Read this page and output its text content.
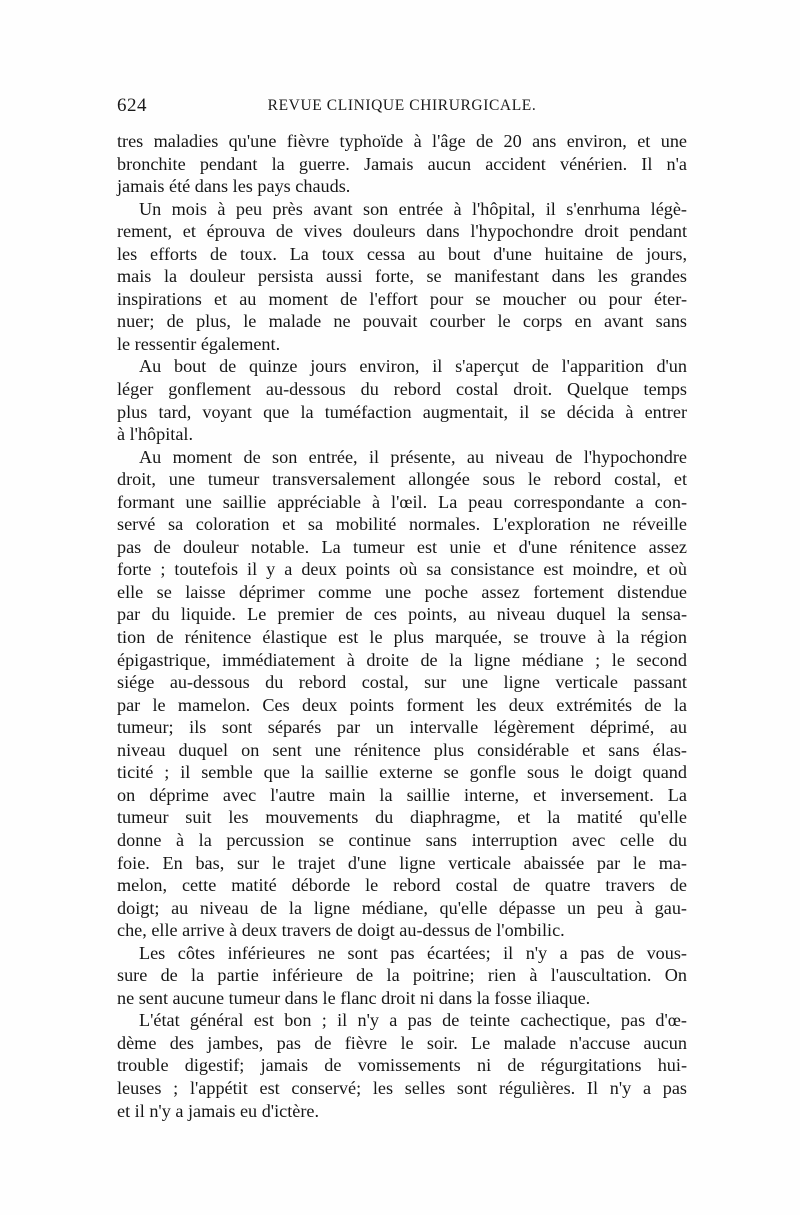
624	REVUE CLINIQUE CHIRURGICALE.

tres maladies qu'une fièvre typhoïde à l'âge de 20 ans environ, et une
bronchite pendant la guerre. Jamais aucun accident vénérien. Il n'a
jamais été dans les pays chauds.

Un mois à peu près avant son entrée à l'hôpital, il s'enrhuma légè-
rement, et éprouva de vives douleurs dans l'hypochondre droit pendant
les efforts de toux. La toux cessa au bout d'une huitaine de jours,
mais la douleur persista aussi forte, se manifestant dans les grandes
inspirations et au moment de l'effort pour se moucher ou pour éter-
nuer; de plus, le malade ne pouvait courber le corps en avant sans
le ressentir également.

Au bout de quinze jours environ, il s'aperçut de l'apparition d'un
léger gonflement au-dessous du rebord costal droit. Quelque temps
plus tard, voyant que la tuméfaction augmentait, il se décida à entrer
à l'hôpital.

Au moment de son entrée, il présente, au niveau de l'hypochondre
droit, une tumeur transversalement allongée sous le rebord costal, et
formant une saillie appréciable à l'œil. La peau correspondante a con-
servé sa coloration et sa mobilité normales. L'exploration ne réveille
pas de douleur notable. La tumeur est unie et d'une rénitence assez
forte ; toutefois il y a deux points où sa consistance est moindre, et où
elle se laisse déprimer comme une poche assez fortement distendue
par du liquide. Le premier de ces points, au niveau duquel la sensa-
tion de rénitence élastique est le plus marquée, se trouve à la région
épigastrique, immédiatement à droite de la ligne médiane ; le second
siége au-dessous du rebord costal, sur une ligne verticale passant
par le mamelon. Ces deux points forment les deux extrémités de la
tumeur; ils sont séparés par un intervalle légèrement déprimé, au
niveau duquel on sent une rénitence plus considérable et sans élas-
ticité ; il semble que la saillie externe se gonfle sous le doigt quand
on déprime avec l'autre main la saillie interne, et inversement. La
tumeur suit les mouvements du diaphragme, et la matité qu'elle
donne à la percussion se continue sans interruption avec celle du
foie. En bas, sur le trajet d'une ligne verticale abaissée par le ma-
melon, cette matité déborde le rebord costal de quatre travers de
doigt; au niveau de la ligne médiane, qu'elle dépasse un peu à gau-
che, elle arrive à deux travers de doigt au-dessus de l'ombilic.

Les côtes inférieures ne sont pas écartées; il n'y a pas de vous-
sure de la partie inférieure de la poitrine; rien à l'auscultation. On
ne sent aucune tumeur dans le flanc droit ni dans la fosse iliaque.

L'état général est bon ; il n'y a pas de teinte cachectique, pas d'œ-
dème des jambes, pas de fièvre le soir. Le malade n'accuse aucun
trouble digestif; jamais de vomissements ni de régurgitations hui-
leuses ; l'appétit est conservé; les selles sont régulières. Il n'y a pas
et il n'y a jamais eu d'ictère.
